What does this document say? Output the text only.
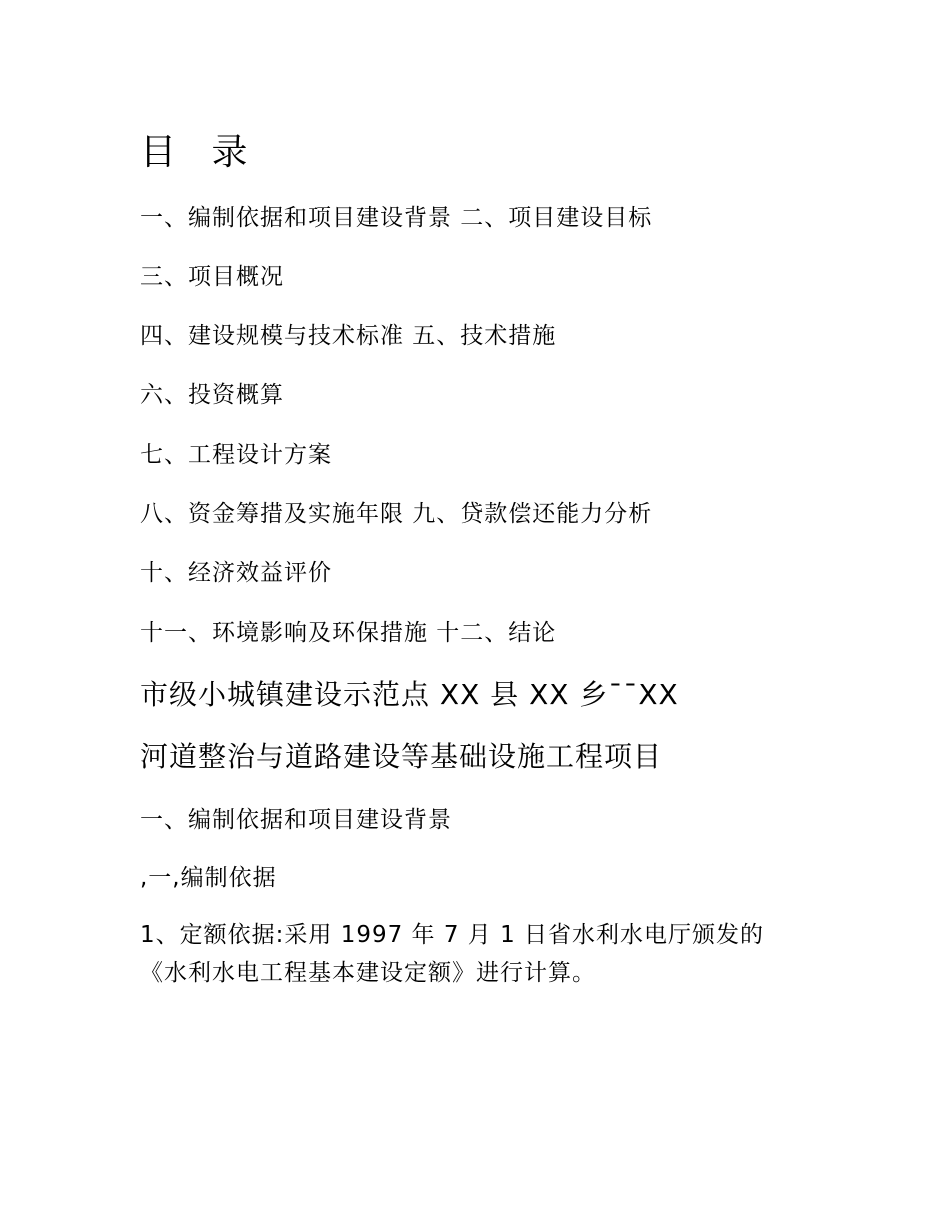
目 录
一、编制依据和项目建设背景 二、项目建设目标
三、项目概况
四、建设规模与技术标准 五、技术措施
六、投资概算
七、工程设计方案
八、资金筹措及实施年限 九、贷款偿还能力分析
十、经济效益评价
十一、环境影响及环保措施 十二、结论
市级小城镇建设示范点 XX 县 XX 乡¯¯XX
河道整治与道路建设等基础设施工程项目
一、编制依据和项目建设背景
,一,编制依据
1、定额依据:采用 1997 年 7 月 1 日省水利水电厅颁发的
《水利水电工程基本建设定额》进行计算。
